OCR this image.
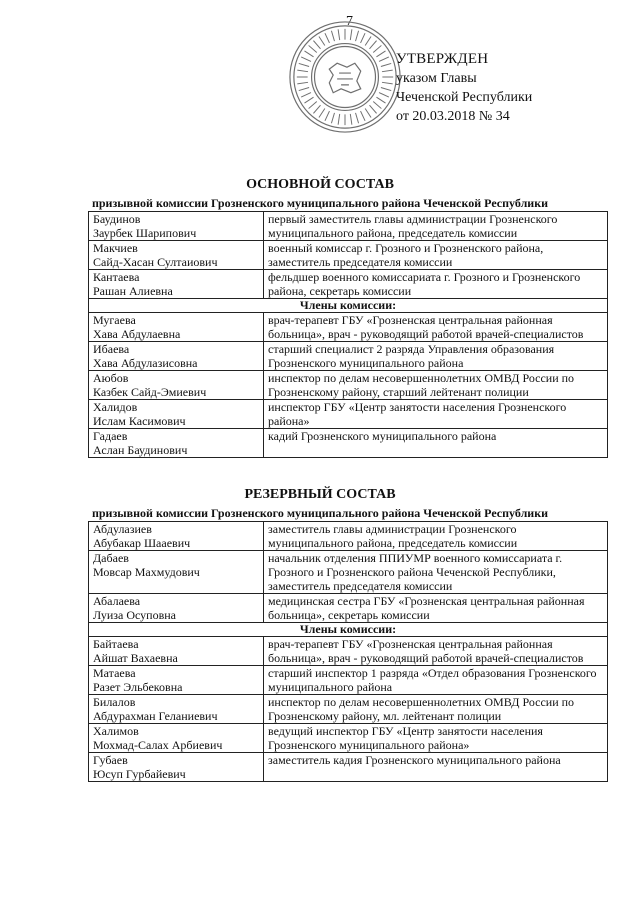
7
УТВЕРЖДЕН
указом Главы
Чеченской Республики
от 20.03.2018 № 34
ОСНОВНОЙ СОСТАВ
призывной комиссии Грозненского муниципального района Чеченской Республики
Баудинов
Заурбек Шарипович	первый заместитель главы администрации Грозненского муниципального района, председатель комиссии

Макчиев
Сайд-Хасан Султаиович	военный комиссар г. Грозного и Грозненского района, заместитель председателя комиссии

Кантаева
Рашан Алиевна	фельдшер военного комиссариата г. Грозного и Грозненского района, секретарь комиссии
Члены комиссии:	

Мугаева
Хава Абдулаевна	врач-терапевт ГБУ «Грозненская центральная районная больница», врач - руководящий работой врачей-специалистов

Ибаева
Хава Абдулазисовна	старший специалист 2 разряда Управления образования Грозненского муниципального района

Аюбов
Казбек Сайд-Эмиевич	инспектор по делам несовершеннолетних ОМВД России по Грозненскому району, старший лейтенант полиции

Халидов
Ислам Касимович	инспектор ГБУ «Центр занятости населения Грозненского района»

Гадаев
Аслан Баудинович	кадий Грозненского муниципального района
РЕЗЕРВНЫЙ СОСТАВ
призывной комиссии Грозненского муниципального района Чеченской Республики
Абдулазиев
Абубакар Шааевич	заместитель главы администрации Грозненского муниципального района, председатель комиссии

Дабаев
Мовсар Махмудович	начальник отделения ППИУМР военного комиссариата г. Грозного и Грозненского района Чеченской Республики, заместитель председателя комиссии

Абалаева
Луиза Осуповна	медицинская сестра ГБУ «Грозненская центральная районная больница», секретарь комиссии
Члены комиссии:	

Байтаева
Айшат Вахаевна	врач-терапевт ГБУ «Грозненская центральная районная больница», врач - руководящий работой врачей-специалистов

Матаева
Разет Эльбековна	старший инспектор 1 разряда «Отдел образования Грозненского муниципального района

Билалов
Абдурахман Геланиевич	инспектор по делам несовершеннолетних ОМВД России по Грозненскому району, мл. лейтенант полиции

Халимов
Мохмад-Салах Арбиевич	ведущий инспектор ГБУ «Центр занятости населения Грозненского муниципального района»

Губаев
Юсуп Гурбайевич	заместитель кадия Грозненского муниципального района
